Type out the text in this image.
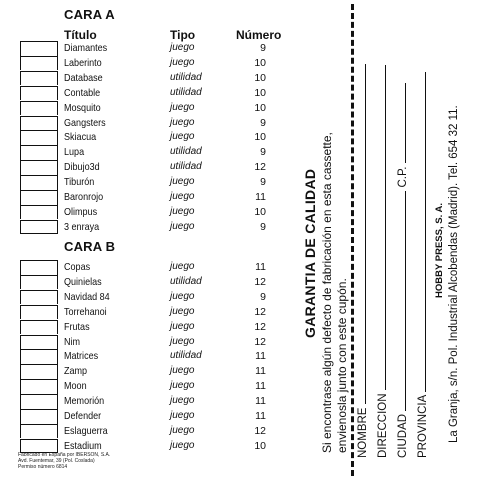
CARA A
Título	Tipo	Número
Diamantes	juego	9
Laberinto	juego	10
Database	utilidad	10
Contable	utilidad	10
Mosquito	juego	10
Gangsters	juego	9
Skiacua	juego	10
Lupa	utilidad	9
Dibujo3d	utilidad	12
Tiburón	juego	9
Baronrojo	juego	11
Olimpus	juego	10
3 enraya	juego	9
CARA B
Copas	juego	11
Quinielas	utilidad	12
Navidad 84	juego	9
Torrehanoi	juego	12
Frutas	juego	12
Nim	juego	12
Matrices	utilidad	11
Zamp	juego	11
Moon	juego	11
Memorión	juego	11
Defender	juego	11
Eslaguerra	juego	12
Estadium	juego	10
Fabricado en España por IBERSON, S.A.
Avd. Fuentemar, 39 (Pol. Coslada)
Permiso número 6814
GARANTIA DE CALIDAD Si encontrase algún defecto de fabricación en esta cassette, envienosla junto con este cupón. NOMBRE DIRECCION CIUDAD  C.P.
PROVINCIA
HOBBY PRESS, S. A. La Granja, s/n. Pol. Industrial Alcobendas (Madrid). Tel. 654 32 11.
